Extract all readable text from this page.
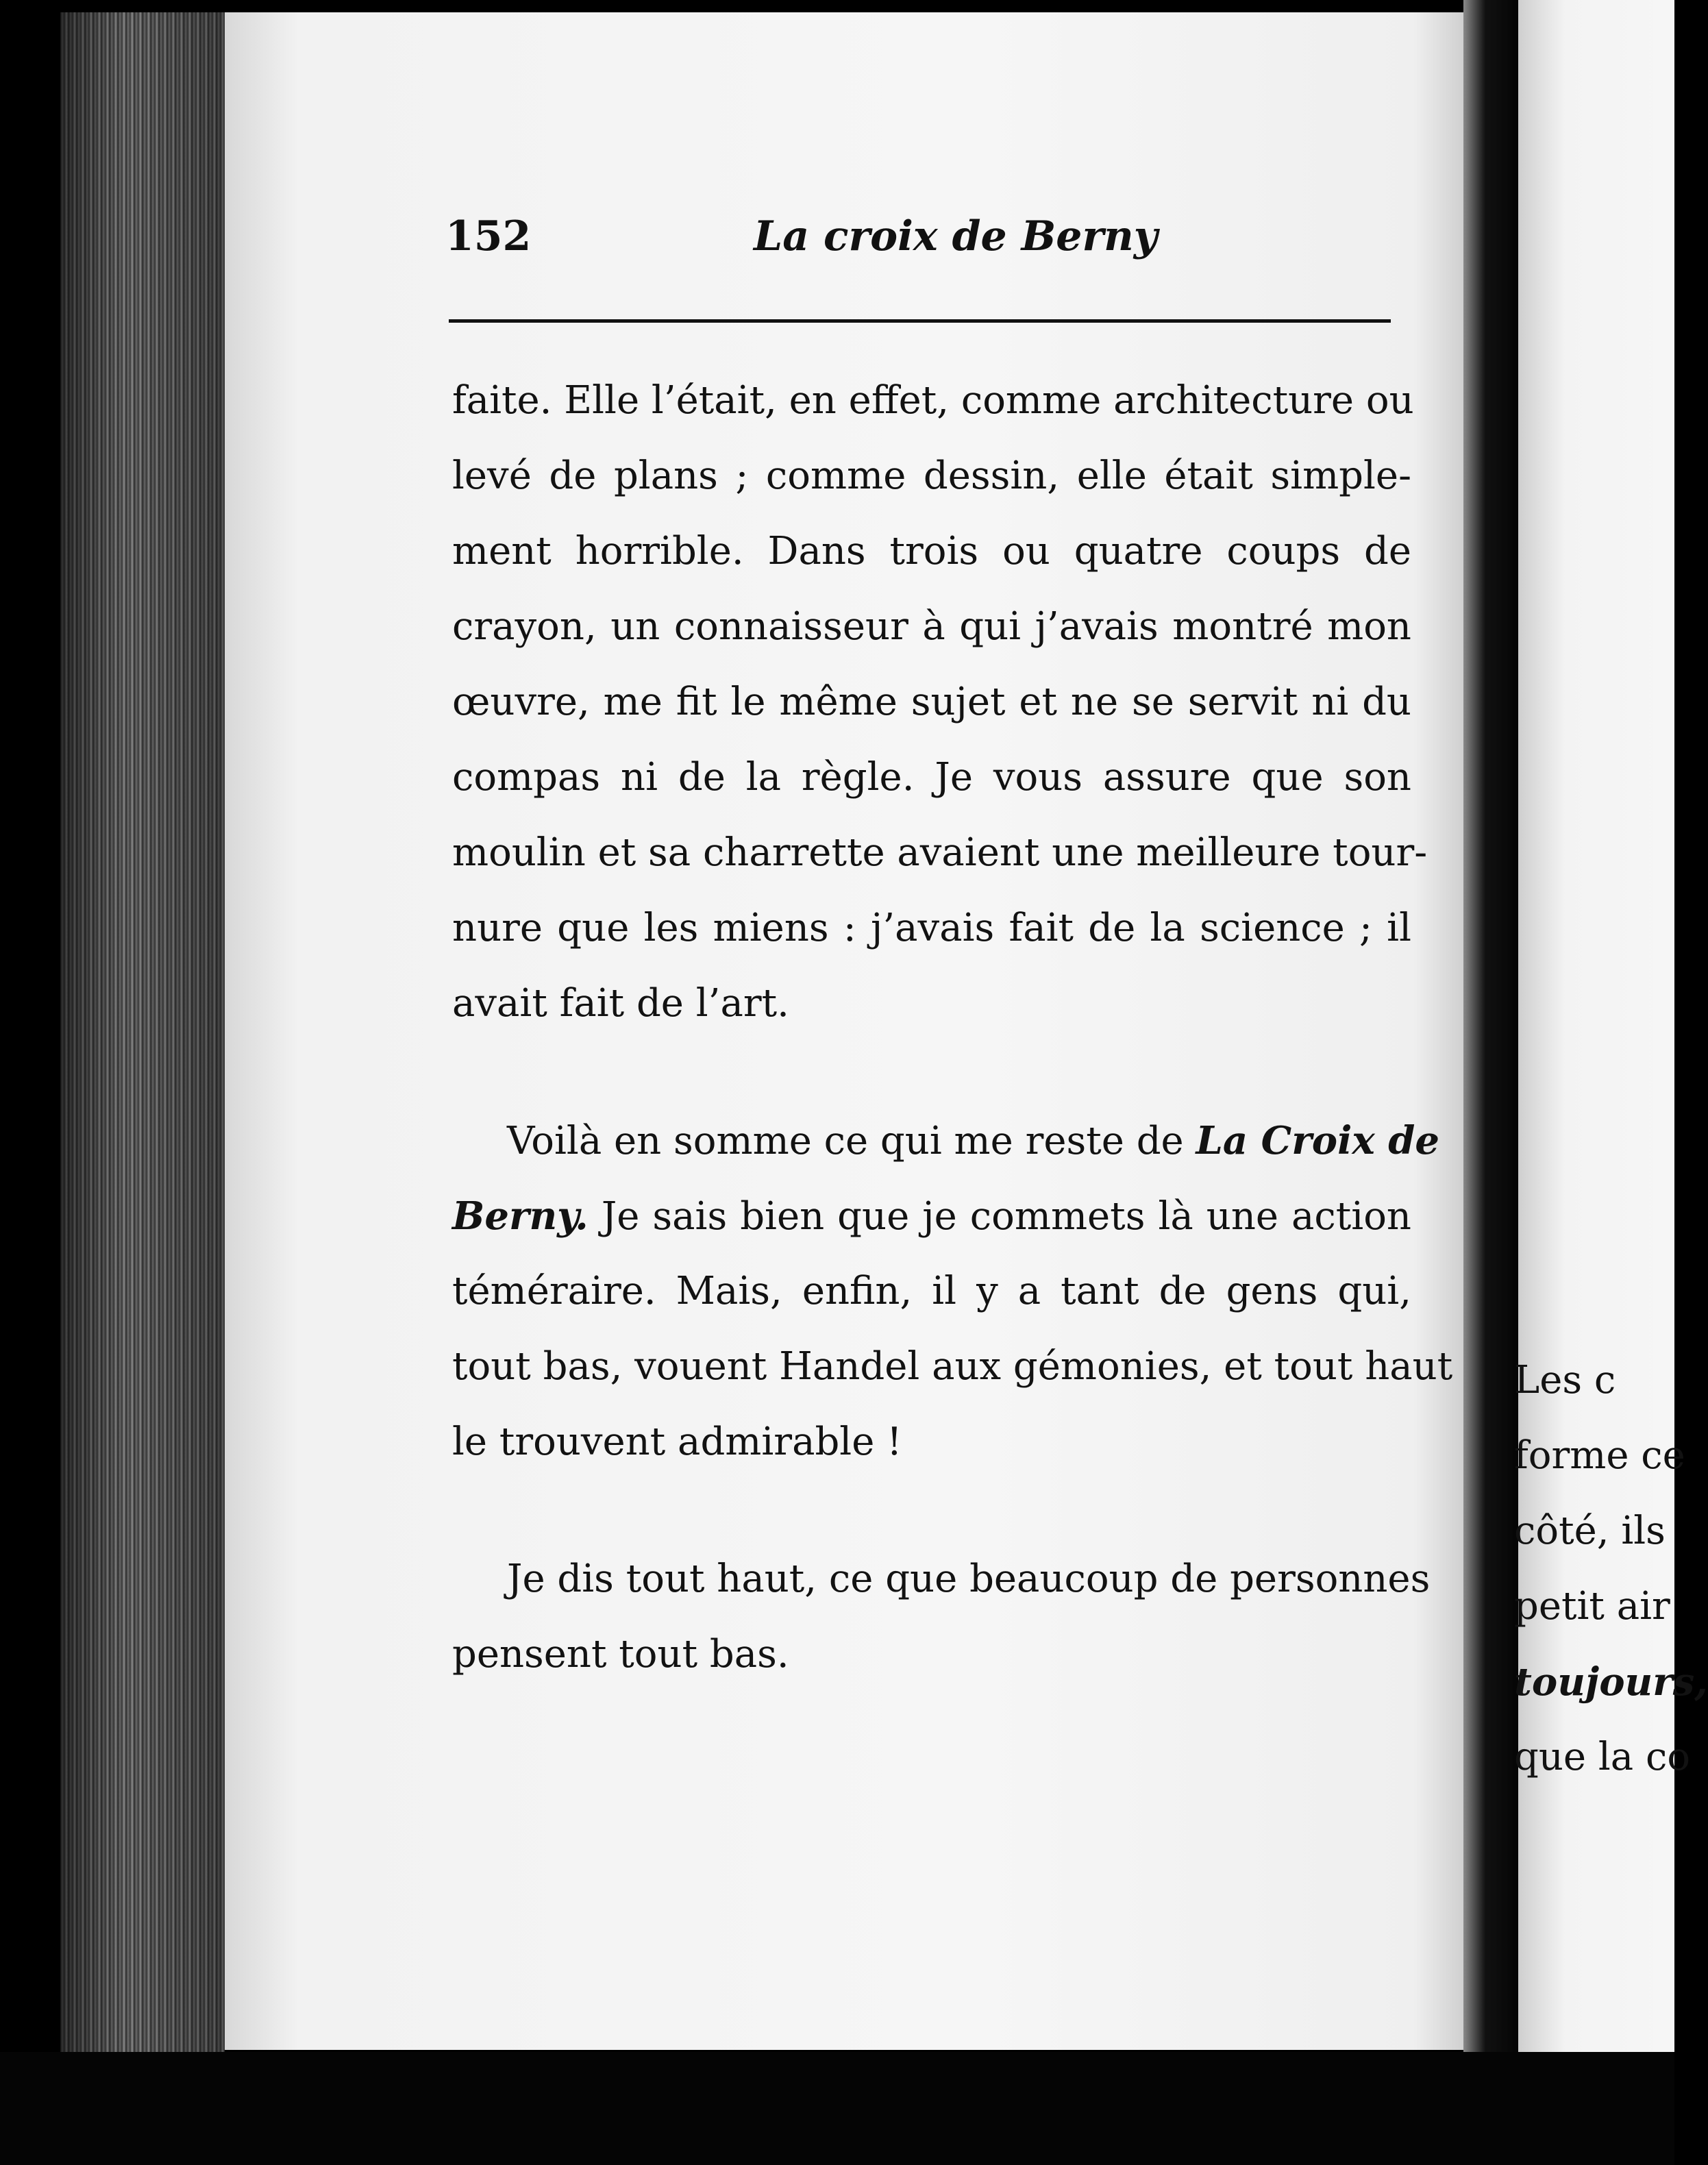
152	La croix de Berny
faite. Elle l’était, en effet, comme architecture ou
levé de plans ; comme dessin, elle était simple-
ment horrible. Dans trois ou quatre coups de
crayon, un connaisseur à qui j’avais montré mon
œuvre, me fit le même sujet et ne se servit ni du
compas ni de la règle. Je vous assure que son
moulin et sa charrette avaient une meilleure tour-
nure que les miens : j’avais fait de la science ; il
avait fait de l’art.
Voilà en somme ce qui me reste de La Croix de
Berny. Je sais bien que je commets là une action
téméraire. Mais, enfin, il y a tant de gens qui,
tout bas, vouent Handel aux gémonies, et tout haut
le trouvent admirable !
Je dis tout haut, ce que beaucoup de personnes
pensent tout bas.
Les c
forme ce
côté, ils
petit air
toujours,
que la co
